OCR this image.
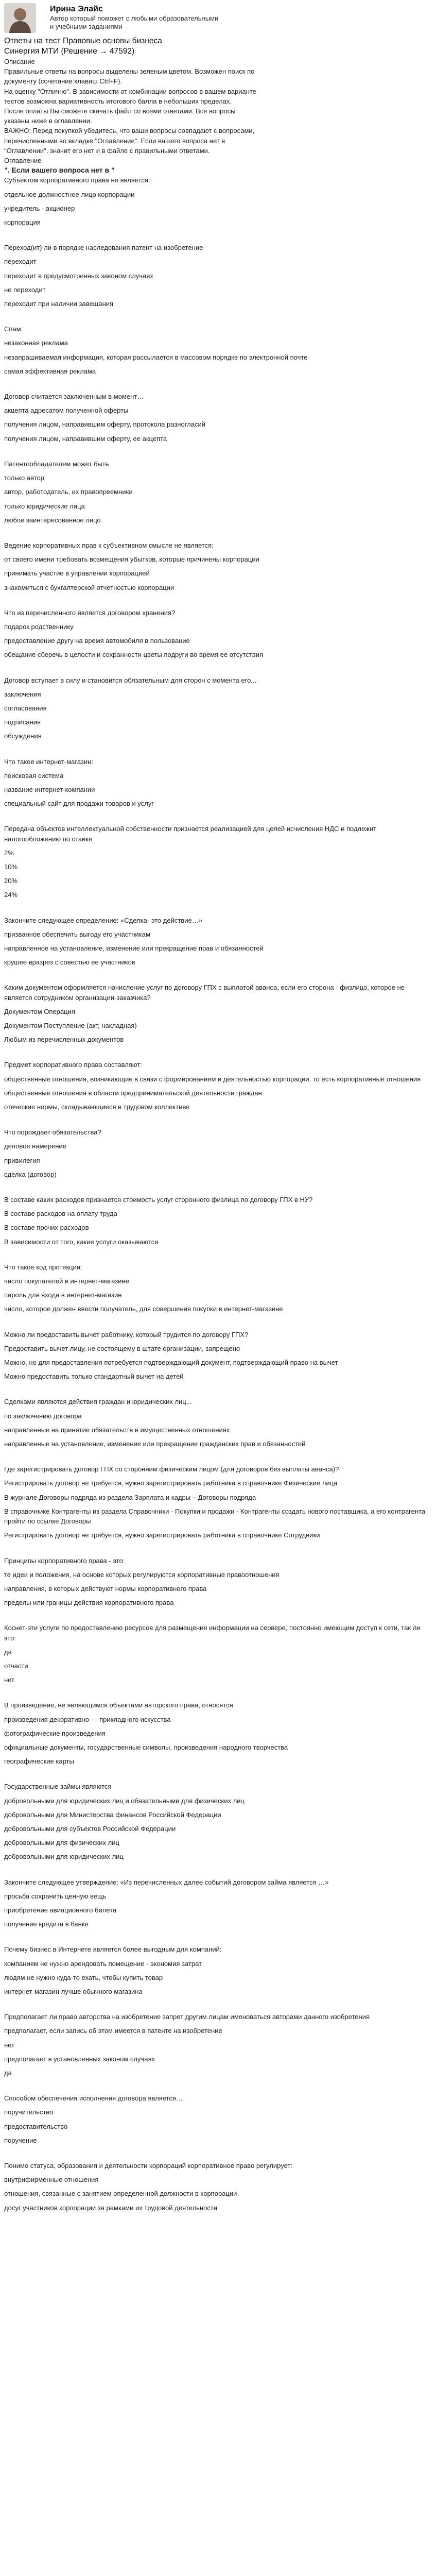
Ирина Элайс
Автор который поможет с любыми образовательными и учебными заданиями
Ответы на тест Правовые основы бизнеса Синергия МТИ (Решение → 47592)
Описание

Правильные ответы на вопросы выделены зеленым цветом. Возможен поиск по

документу (сочетание клавиш Ctrl+F).

На оценку "Отлично". В зависимости от комбинации вопросов в вашем варианте

тестов возможна вариативность итогового балла в небольших пределах.

После оплаты Вы сможете скачать файл со всеми ответами. Все вопросы

указаны ниже в оглавлении.

ВАЖНО: Перед покупкой убедитесь, что ваши вопросы совпадают с вопросами,

перечисленными во вкладке "Оглавление". Если вашего вопроса нет в

"Оглавлении", значит его нет и в файле с правильными ответами.

Оглавление
". Если вашего вопроса нет в "
Субъектом корпоративного права не является:
отдельное должностное лицо корпорации
учредитель - акционер
корпорация
Переход(ит) ли в порядке наследования патент на изобретение
переходит
переходит в предусмотренных законом случаях
не переходит
переходит при наличии завещания
Спам:
незаконная реклама
незапрашиваемая информация, которая рассылается в массовом порядке по электронной почте
самая эффективная реклама
Договор считается заключенным в момент…
акцепта адресатом полученной оферты
получения лицом, направившим оферту, протокола разногласий
получения лицом, направившим оферту, ее акцепта
Патентообладателем может быть
только автор
автор, работодатель, их правопреемники
только юридические лица
любое заинтересованное лицо
Ведение корпоративных прав к субъективном смысле не является:
от своего имени требовать возмещения убытков, которые причинены корпорации
принимать участие в управлении корпорацией
знакомиться с бухгалтерской отчетностью корпорации
Что из перечисленного является договором хранения?
подарок родственнику
предоставление другу на время автомобиля в пользование
обещание сберечь в целости и сохранности цветы подруги во время ее отсутствия
Договор вступает в силу и становится обязательным для сторон с момента его...
заключения
согласования
подписания
обсуждения
Что такое интернет-магазин:
поисковая система
название интернет-компании
специальный сайт для продажи товаров и услуг
Передача объектов интеллектуальной собственности признается реализацией для целей исчисления НДС и подлежит налогообложению по ставке
2%
10%
20%
24%
Закончите следующее определение: «Сделка- это действие…»
призванное обеспечить выгоду его участникам
направленное на установление, изменение или прекращение прав и обязанностей
крушее вразрез с совестью ее участников
Каким документом оформляется начисление услуг по договору ГПХ с выплатой аванса, если его сторона - физлицо, которое не является сотрудником организации-заказчика?
Документом Операция
Документом Поступление (акт, накладная)
Любым из перечисленных документов
Предмет корпоративного права составляют:
общественные отношения, возникающие в связи с формированием и деятельностью корпорации, то есть корпоративные отношения
общественные отношения в области предпринимательской деятельности граждан
отеческие нормы, складывающиеся в трудовом коллективе
Что порождает обязательства?
деловое намерение
привилегия
сделка (договор)
В составе каких расходов признается стоимость услуг сторонного физлица по договору ГПХ в НУ?
В составе расходов на оплату труда
В составе прочих расходов
В зависимости от того, какие услуги оказываются
Что такое код протекции:
число покупателей в интернет-магазине
пароль для входа в интернет-магазин
число, которое должен ввести получатель, для совершения покупки в интернет-магазине
Можно ли предоставить вычет работнику, который трудится по договору ГПХ?
Предоставить вычет лицу, не состоящему в штате организации, запрещено
Можно, но для предоставления потребуется подтверждающий документ, подтверждающий право на вычет
Можно предоставить только стандартный вычет на детей
Сделками являются действия граждан и юридических лиц...
по заключению договора
направленные на принятие обязательств в имущественных отношениях
направленные на установление, изменение или прекращение гражданских прав и обязанностей
Где зарегистрировать договор ГПХ со сторонним физическим лицом (для договоров без выплаты аванса)?
Регистрировать договор не требуется, нужно зарегистрировать работника в справочнике Физические лица
В журнале Договоры подряда из раздела Зарплата и кадры – Договоры подряда
В справочнике Контрагенты из раздела Справочники - Покупки и продажи - Контрагенты создать нового поставщика, а его контрагента пройти по ссылке Договоры
Регистрировать договор не требуется, нужно зарегистрировать работника в справочнике Сотрудники
Принципы корпоративного права - это:
те идеи и положения, на основе которых регулируются корпоративные правоотношения
направления, в которых действуют нормы корпоративного права
пределы или границы действия корпоративного права
Коснет-эти услуги по предоставлению ресурсов для размещения информации на сервере, постоянно имеющим доступ к сети, так ли это:
да
отчасти
нет
В произведение, не являющимся объектами авторского права, относятся
произведения декоративно — прикладного искусства
фотографические произведения
официальные документы, государственные символы, произведения народного творчества
географические карты
Государственные займы являются
добровольными для юридических лиц и обязательными для физических лиц
добровольными для Министерства финансов Российской Федерации
добровольными для субъектов Российской Федерации
добровольными для физических лиц
добровольными для юридических лиц
Закончите следующее утверждение: «Из перечисленных далее событий договором займа является …»
просьба сохранить ценную вещь
приобретение авиационного билета
получение кредита в банке
Почему бизнес в Интернете является более выгодным для компаний:
компаниям не нужно арендовать помещение - экономия затрат
людям не нужно куда-то ехать, чтобы купить товар
интернет-магазин лучше обычного магазина
Предполагает ли право авторства на изобретение запрет другим лицам именоваться авторами данного изобретения
предполагает, если запись об этом имеется в патенте на изобретение
нет
предполагает в установленных законом случаях
да
Способом обеспечения исполнения договора является…
поручительство
предоставительство
поручение
Понимо статуса, образования и деятельности корпораций корпоративное право регулирует:
внутрифирменные отношения
отношения, связанные с занятием определенной должности в корпорации
досуг участников корпорации за рамками их трудовой деятельности
